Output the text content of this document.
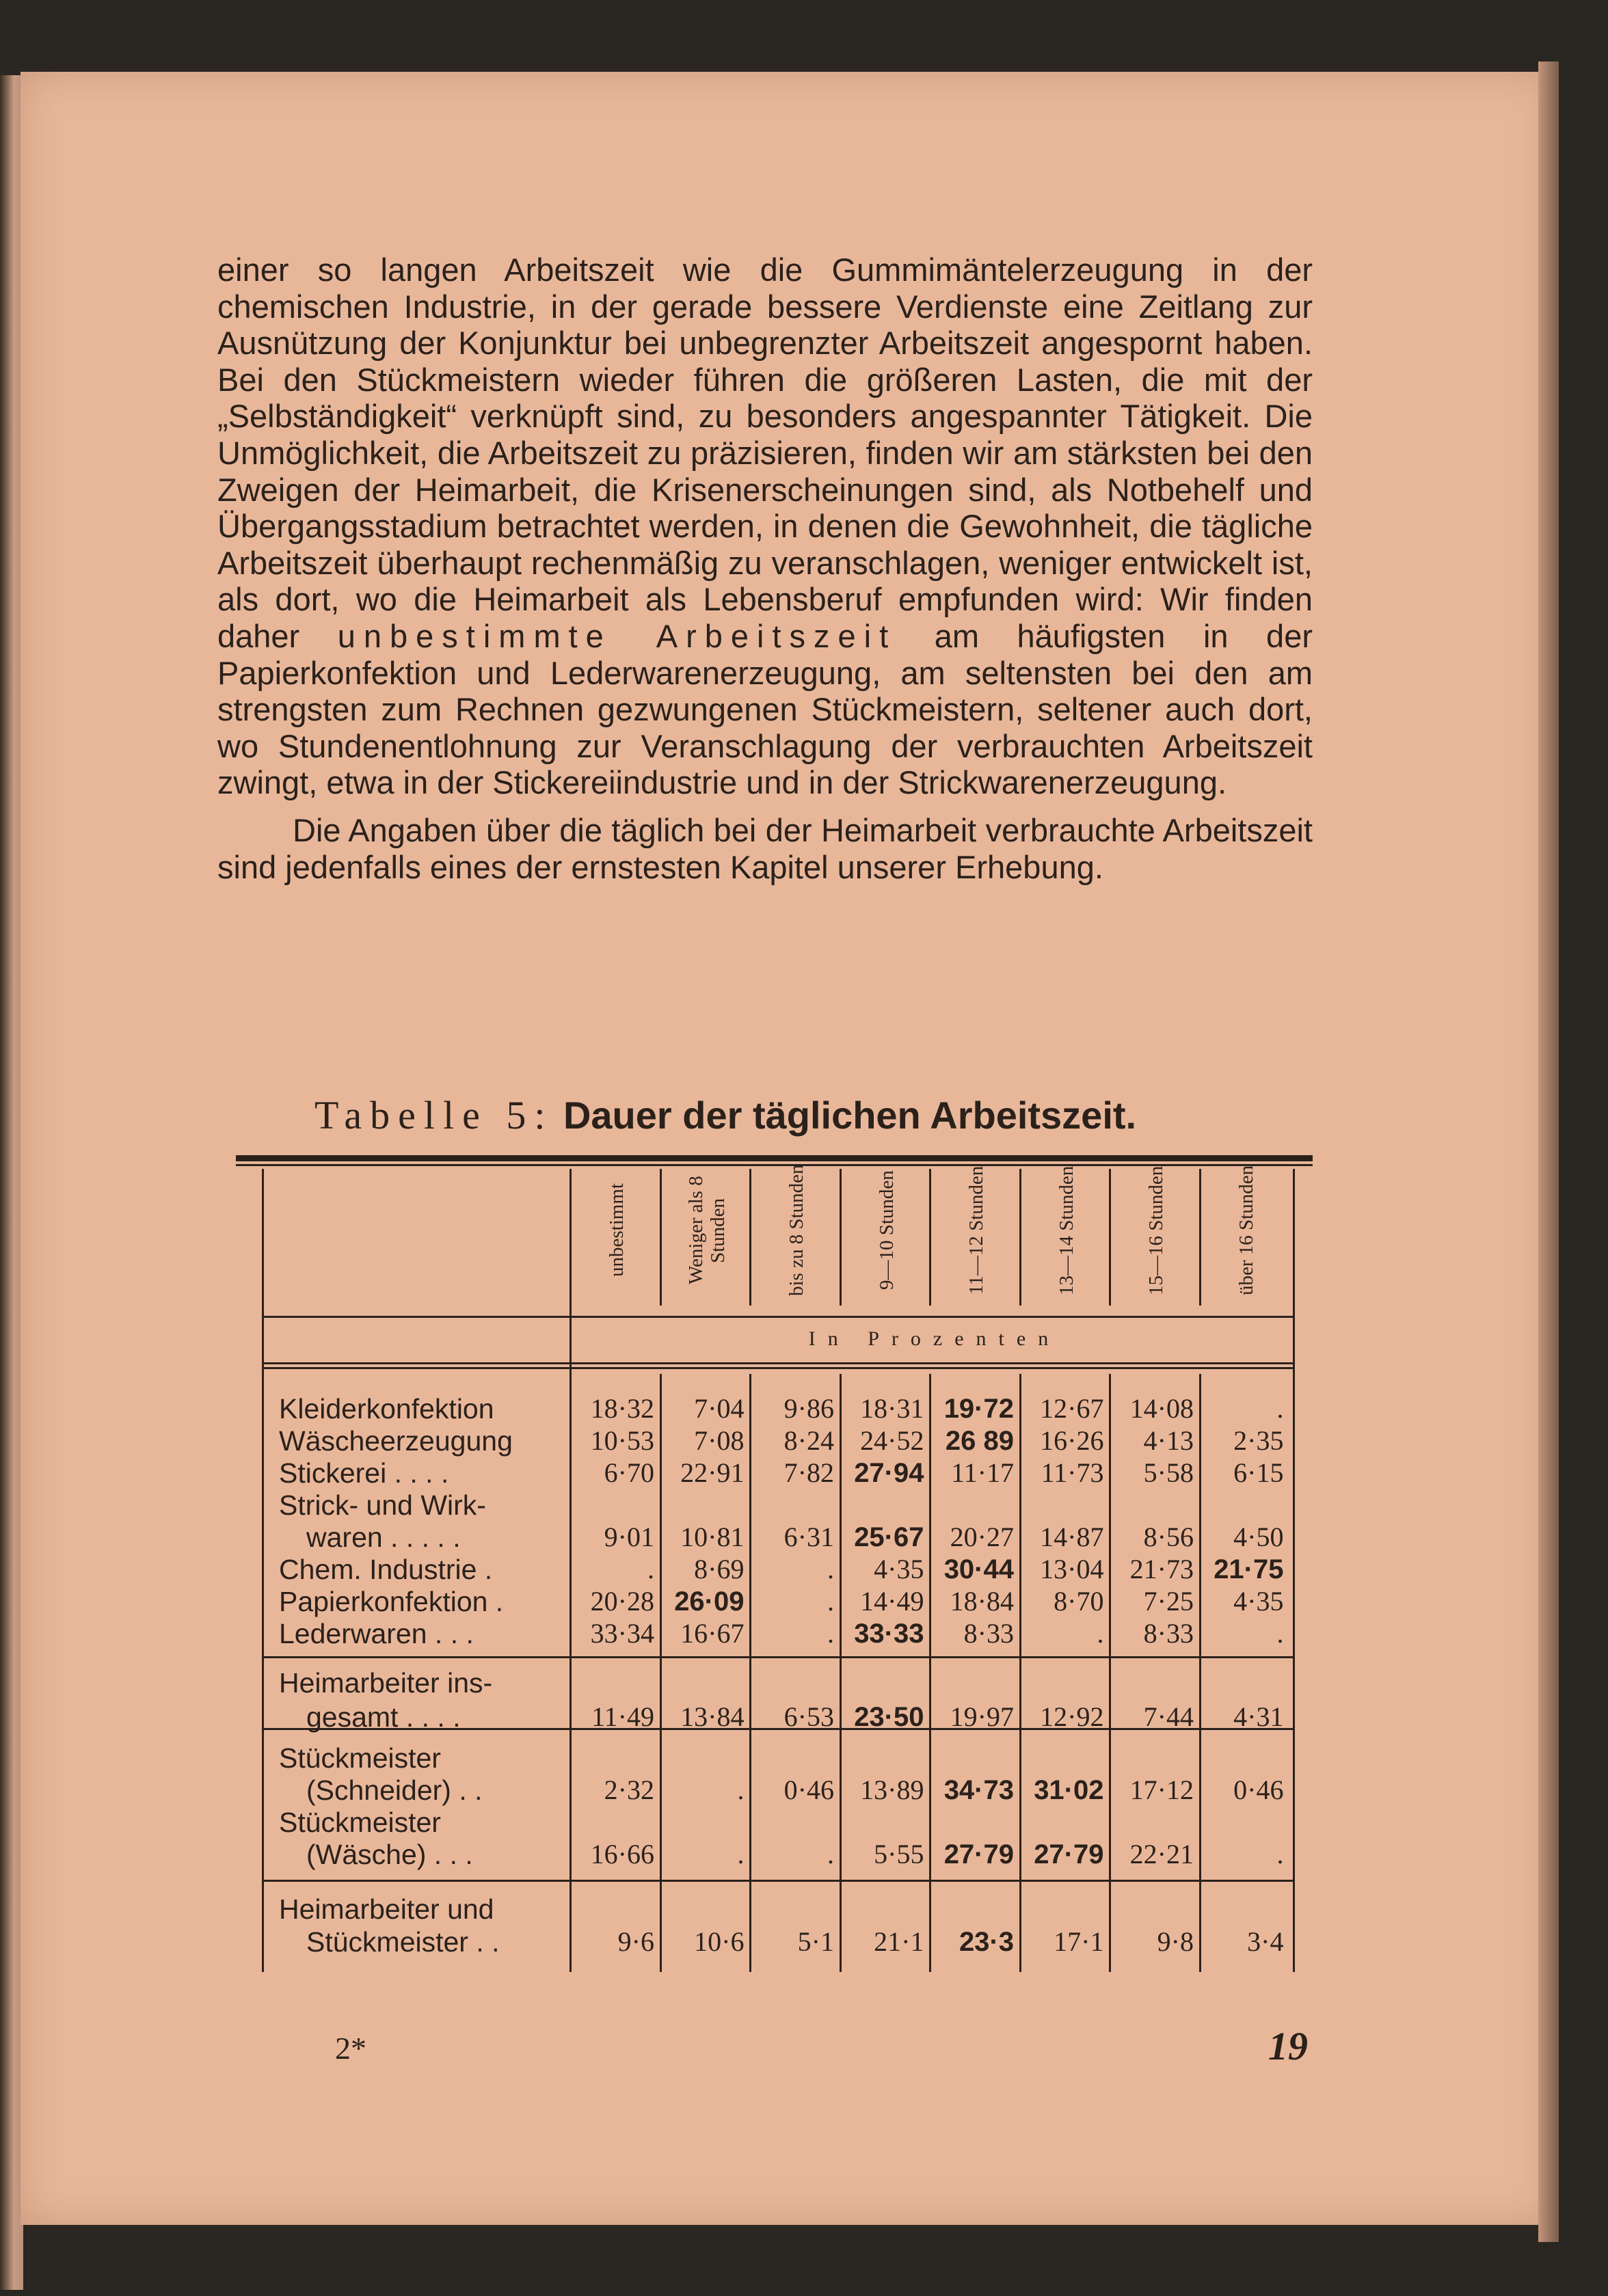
einer so langen Arbeitszeit wie die Gummimäntelerzeugung in der chemischen Industrie, in der gerade bessere Verdienste eine Zeitlang zur Ausnützung der Konjunktur bei unbegrenzter Arbeitszeit angespornt haben. Bei den Stückmeistern wieder führen die größeren Lasten, die mit der „Selbständigkeit“ verknüpft sind, zu besonders angespannter Tätigkeit. Die Unmöglichkeit, die Arbeitszeit zu präzisieren, finden wir am stärksten bei den Zweigen der Heimarbeit, die Krisenerscheinungen sind, als Notbehelf und Übergangsstadium betrachtet werden, in denen die Gewohnheit, die tägliche Arbeitszeit überhaupt rechenmäßig zu veranschlagen, weniger entwickelt ist, als dort, wo die Heimarbeit als Lebensberuf empfunden wird: Wir finden daher unbestimmte Arbeitszeit am häufigsten in der Papierkonfektion und Lederwarenerzeugung, am seltensten bei den am strengsten zum Rechnen gezwungenen Stückmeistern, seltener auch dort, wo Stundenentlohnung zur Veranschlagung der verbrauchten Arbeitszeit zwingt, etwa in der Stickereiindustrie und in der Strickwarenerzeugung.

Die Angaben über die täglich bei der Heimarbeit verbrauchte Arbeitszeit sind jedenfalls eines der ernstesten Kapitel unserer Erhebung.

Tabelle 5: Dauer der täglichen Arbeitszeit.
unbestimmt	Weniger als 8 Stunden	bis zu 8 Stunden	9—10 Stunden	11—12 Stunden	13—14 Stunden	15—16 Stunden	über 16 Stunden
In Prozenten
Kleiderkonfektion	18·32	7·04	9·86 18·31 19·72 12·67 14·08	.
Wäschеerzeugung	10·53	7·08	8·24 24·52 26 89 16·26	4·13	2·35
Stickerei . . . .	6·70 22·91	7·82 27·94 11·17 11·73	5·58	6·15
Strick- und Wirk-
waren . . . . .	9·01 10·81	6·31 25·67 20·27 14·87	8·56	4·50
Chem. Industrie .	.	8·69	.	4·35 30·44 13·04 21·73 21·75
Papierkonfektion .	20·28 26·09	. 14·49 18·84	8·70	7·25	4·35
Lederwaren . . .	33·34 16·67	. 33·33	8·33	.	8·33	.
Heimarbeiter ins-
gesamt . . . .	11·49 13·84	6·53 23·50 19·97 12·92	7·44	4·31
Stückmeister
(Schneider) . .	2·32	.	0·46 13·89 34·73 31·02 17·12	0·46
Stückmeister
(Wäsche) . . .	16·66	.	.	5·55 27·79 27·79 22·21	.
Heimarbeiter und
Stückmeister . .	9·6	10·6	5·1	21·1	23·3	17·1	9·8	3·4
2*	19
